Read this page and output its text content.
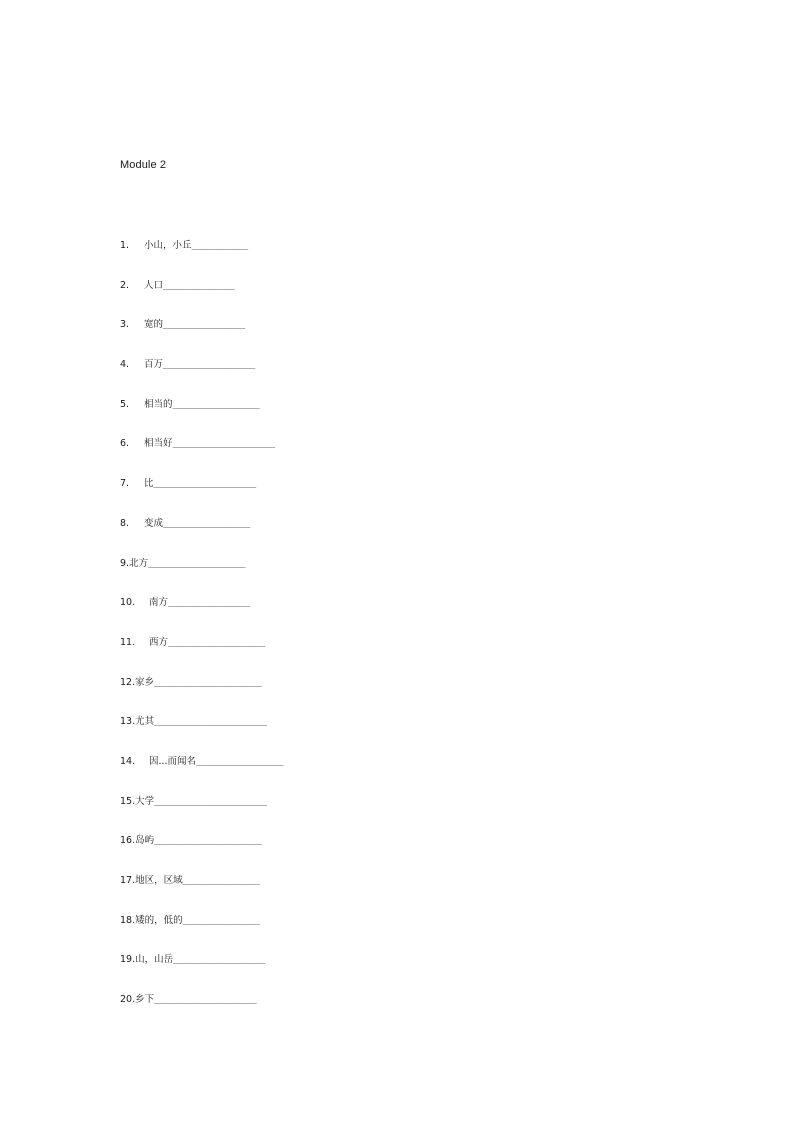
Module 2
1.	小山，小丘 ___________
2.	人口 ______________
3.	宽的 ________________
4.	百万 __________________
5.	相当的 _________________
6.	相当好 ____________________
7.	比 ____________________
8.	变成 _________________
9. 北方 ___________________
10.	南方 ________________
11.	西方 ___________________
12. 家乡 _____________________
13. 尤其 ______________________
14.	因...而闻名 _________________
15. 大学 ______________________
16. 岛屿 _____________________
17. 地区，区域 _______________
18. 矮的，低的 _______________
19. 山，山岳 __________________
20. 乡下 ____________________
